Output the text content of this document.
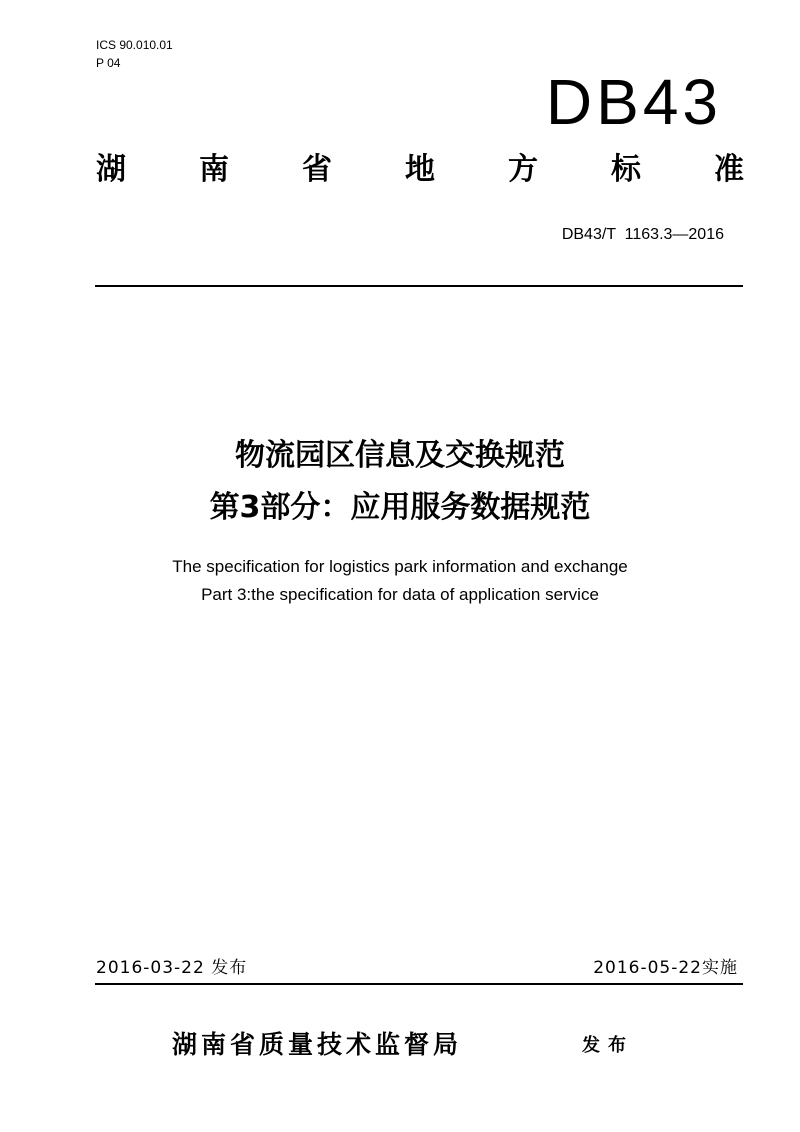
ICS 90.010.01
P 04
DB43
湖 南 省 地 方 标 准
DB43/T  1163.3—2016
物流园区信息及交换规范
第3部分：应用服务数据规范
The specification for logistics park information and exchange
Part 3:the specification for data of application service
2016-03-22 发布	2016-05-22实施
湖南省质量技术监督局	发布
